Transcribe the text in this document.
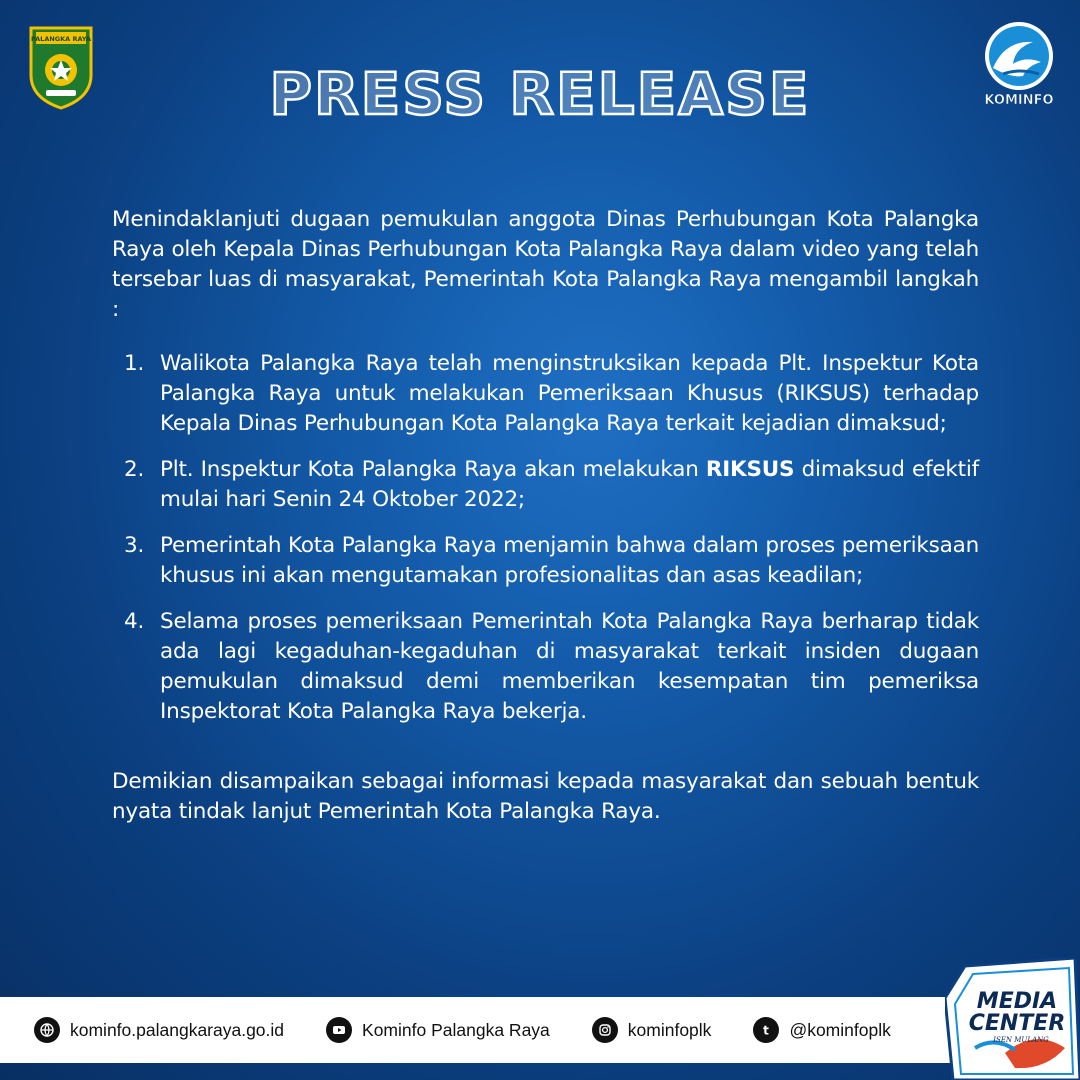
PALANGKA RAYA
KOMINFO
PRESS RELEASE

Menindaklanjuti dugaan pemukulan anggota Dinas Perhubungan Kota Palangka Raya oleh Kepala Dinas Perhubungan Kota Palangka Raya dalam video yang telah tersebar luas di masyarakat, Pemerintah Kota Palangka Raya mengambil langkah :

1. Walikota Palangka Raya telah menginstruksikan kepada Plt. Inspektur Kota Palangka Raya untuk melakukan Pemeriksaan Khusus (RIKSUS) terhadap Kepala Dinas Perhubungan Kota Palangka Raya terkait kejadian dimaksud;
2. Plt. Inspektur Kota Palangka Raya akan melakukan RIKSUS dimaksud efektif mulai hari Senin 24 Oktober 2022;
3. Pemerintah Kota Palangka Raya menjamin bahwa dalam proses pemeriksaan khusus ini akan mengutamakan profesionalitas dan asas keadilan;
4. Selama proses pemeriksaan Pemerintah Kota Palangka Raya berharap tidak ada lagi kegaduhan-kegaduhan di masyarakat terkait insiden dugaan pemukulan dimaksud demi memberikan kesempatan tim pemeriksa Inspektorat Kota Palangka Raya bekerja.

Demikian disampaikan sebagai informasi kepada masyarakat dan sebuah bentuk nyata tindak lanjut Pemerintah Kota Palangka Raya.

kominfo.palangkaraya.go.id	Kominfo Palangka Raya	kominfoplk	t @kominfoplk
MEDIA
CENTER
ISEN MULANG
